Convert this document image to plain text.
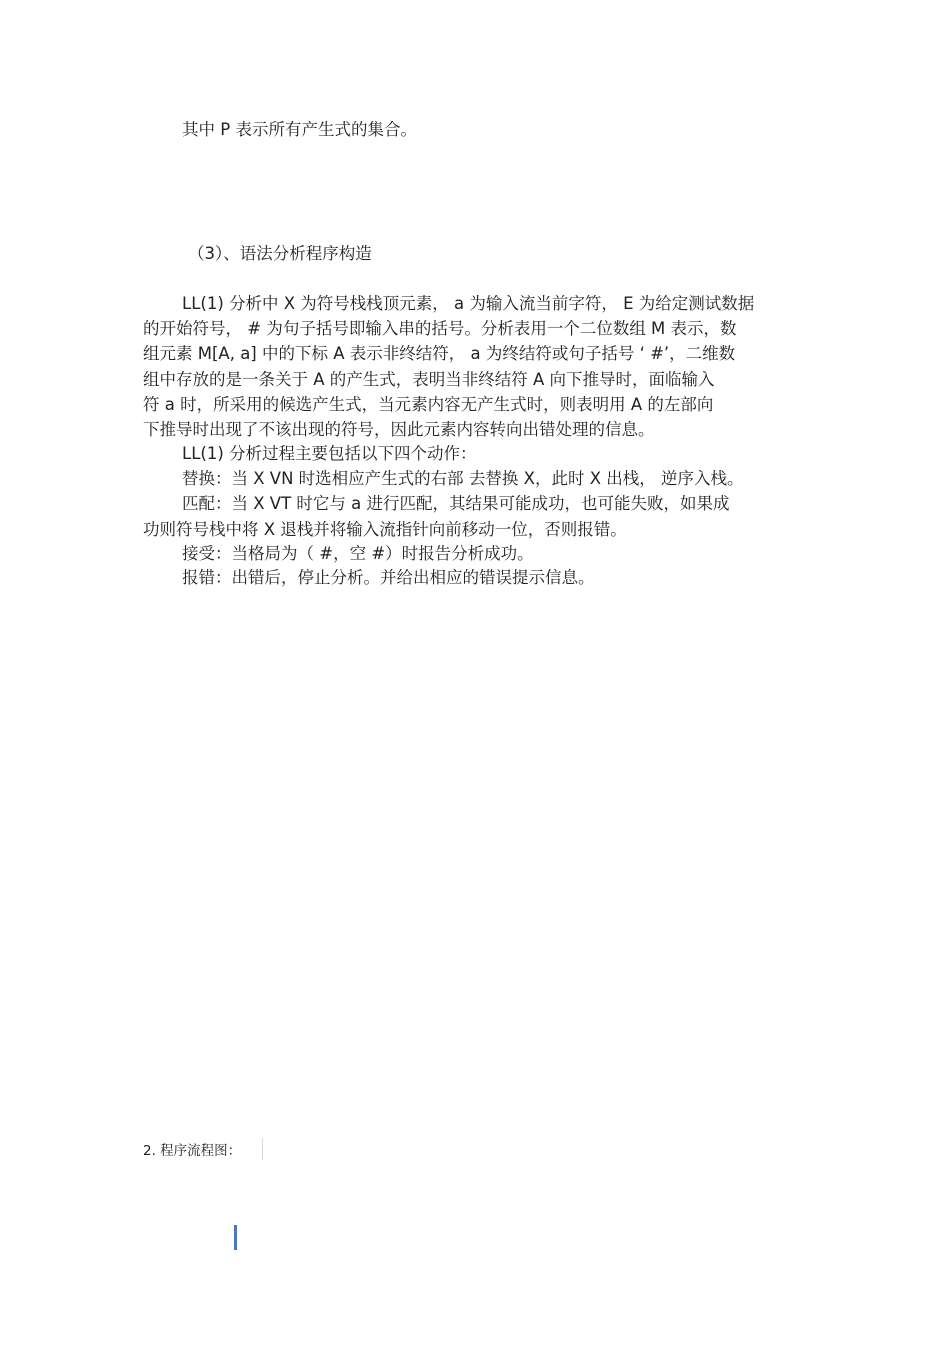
其中 P 表示所有产生式的集合。
（3）、语法分析程序构造
LL(1) 分析中 X 为符号栈栈顶元素， a 为输入流当前字符， E 为给定测试数据
的开始符号， # 为句子括号即输入串的括号。分析表用一个二位数组 M 表示，数
组元素 M[A, a] 中的下标 A 表示非终结符， a 为终结符或句子括号 ‘ #’，二维数
组中存放的是一条关于 A 的产生式，表明当非终结符 A 向下推导时，面临输入
符 a 时，所采用的候选产生式，当元素内容无产生式时，则表明用 A 的左部向
下推导时出现了不该出现的符号，因此元素内容转向出错处理的信息。
LL(1) 分析过程主要包括以下四个动作：
替换：当 X VN 时选相应产生式的右部 去替换 X，此时 X 出栈， 逆序入栈。
匹配：当 X VT 时它与 a 进行匹配，其结果可能成功，也可能失败，如果成
功则符号栈中将 X 退栈并将输入流指针向前移动一位，否则报错。
接受：当格局为（ #，空 #）时报告分析成功。
报错：出错后，停止分析。并给出相应的错误提示信息。
2. 程序流程图：
